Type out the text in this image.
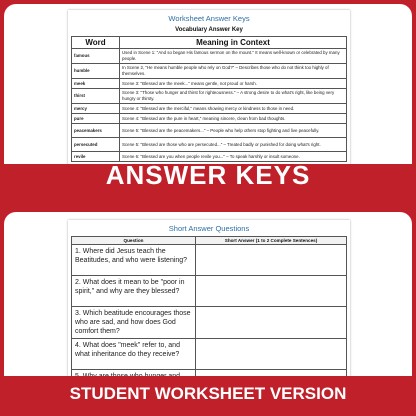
Worksheet Answer Keys
Vocabulary Answer Key
Word	Meaning in Context
famous	Used in Scene 1: "And so began His famous sermon on the mount." It means well-known or celebrated by many people.
humble	In Scene 2, "He means humble people who rely on God?" – Describes those who do not think too highly of themselves.
meek	Scene 3: "Blessed are the meek..." means gentle, not proud or harsh.
thirst	Scene 3: "Those who hunger and thirst for righteousness." – A strong desire to do what's right, like being very hungry or thirsty.
mercy	Scene 4: "Blessed are the merciful," means showing mercy or kindness to those in need.
pure	Scene 4: "Blessed are the pure in heart," meaning sincere, clean from bad thoughts.
peacemakers	Scene 5: "Blessed are the peacemakers..." – People who help others stop fighting and live peacefully.
persecuted	Scene 5: "Blessed are those who are persecuted..." – Treated badly or punished for doing what's right.
revile	Scene 6: "Blessed are you when people revile you..." – To speak harshly or insult someone.
ANSWER KEYS
Short Answer Questions
Question	Short Answer (1 to 2 Complete Sentences)
1. Where did Jesus teach the Beatitudes, and who were listening?	
2. What does it mean to be "poor in spirit," and why are they blessed?	
3. Which beatitude encourages those who are sad, and how does God comfort them?	
4. What does "meek" refer to, and what inheritance do they receive?	

STUDENT WORKSHEET VERSION
